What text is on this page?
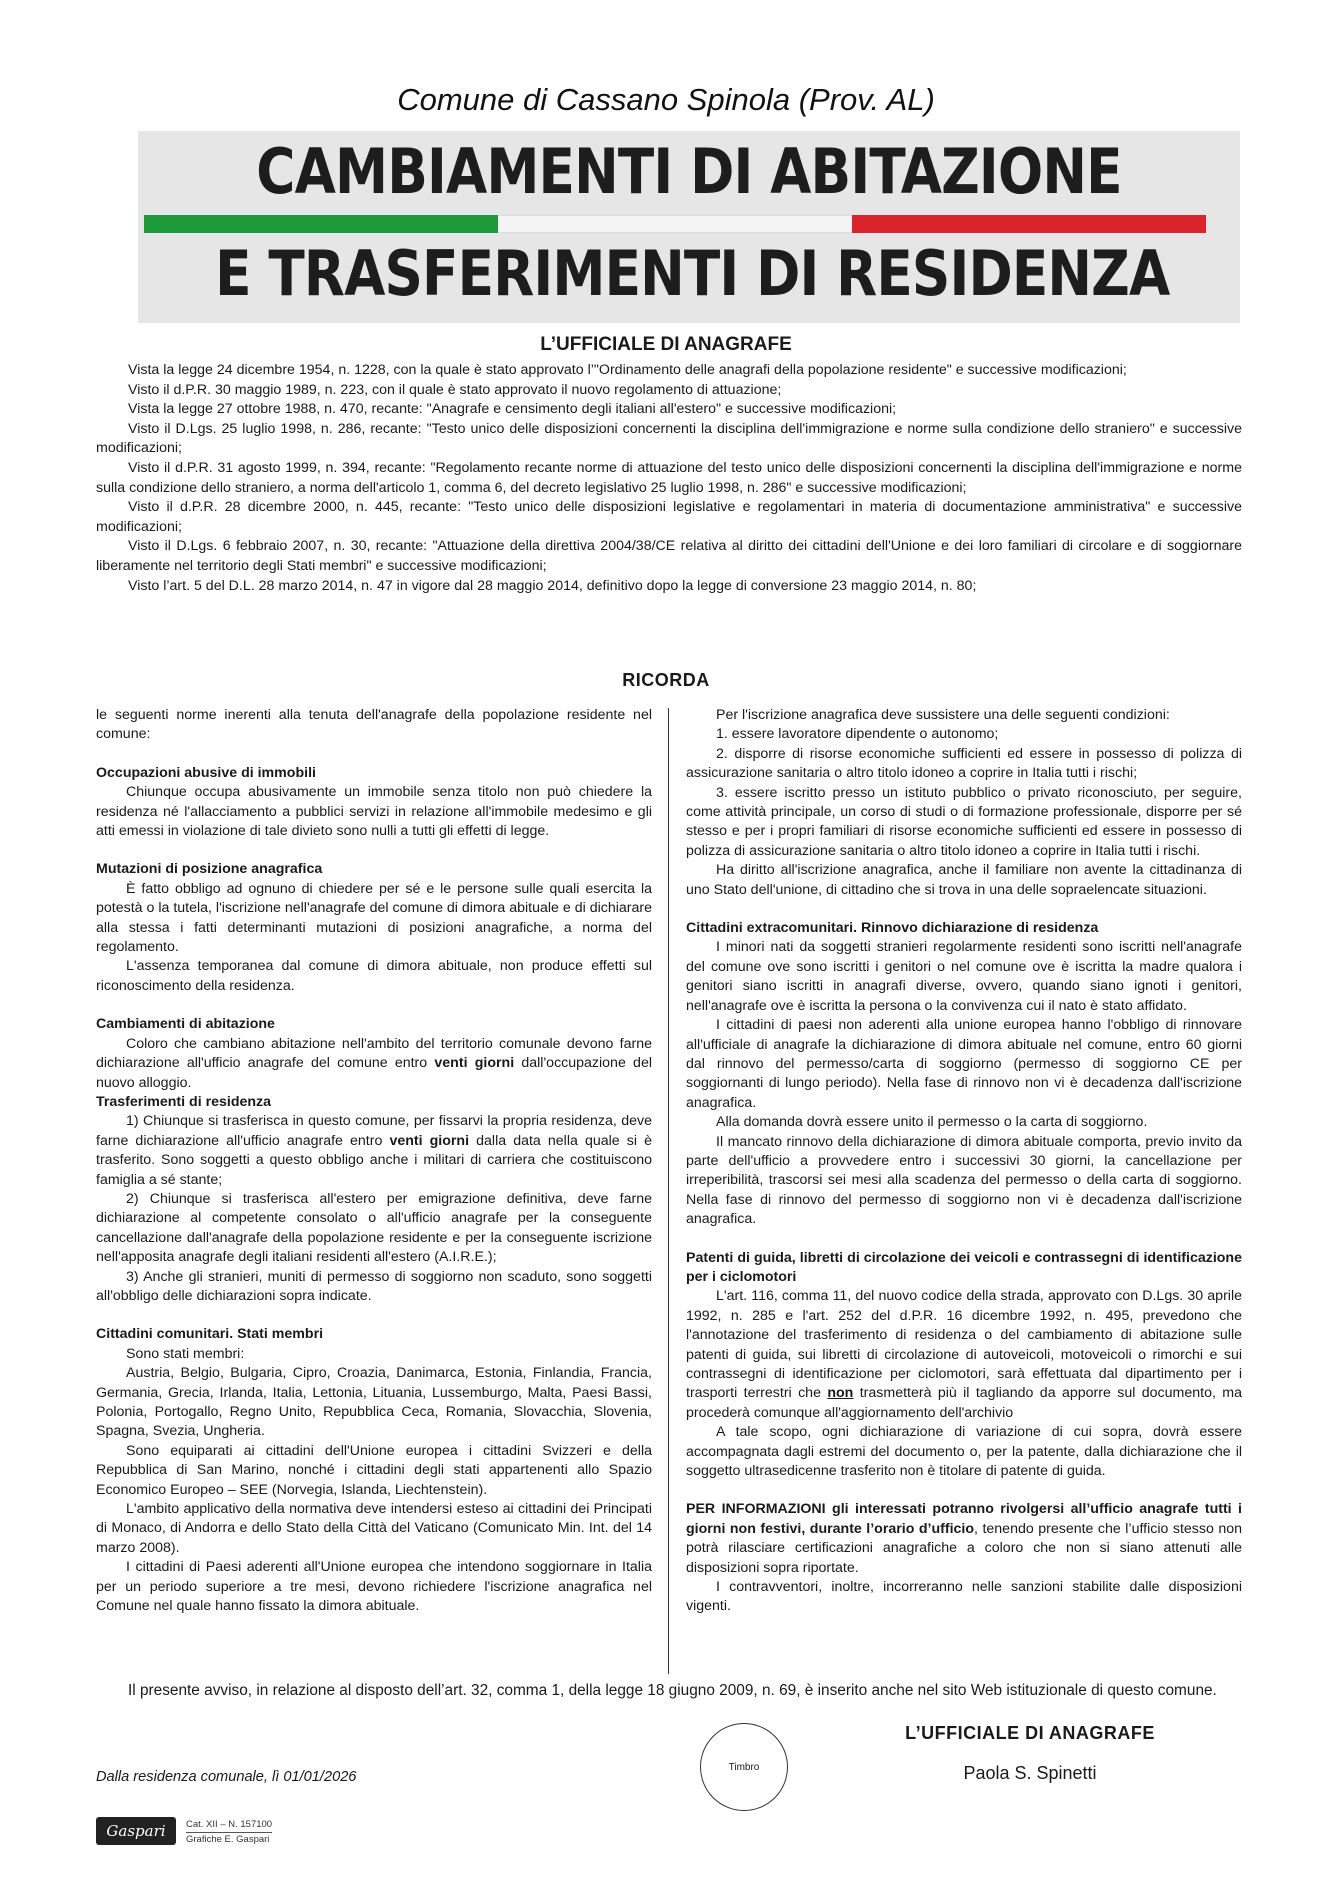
Comune di Cassano Spinola (Prov. AL)
CAMBIAMENTI DI ABITAZIONE
E TRASFERIMENTI DI RESIDENZA
L’UFFICIALE DI ANAGRAFE

Vista la legge 24 dicembre 1954, n. 1228, con la quale è stato approvato l’"Ordinamento delle anagrafi della popolazione residente" e successive modificazioni;

Visto il d.P.R. 30 maggio 1989, n. 223, con il quale è stato approvato il nuovo regolamento di attuazione;

Vista la legge 27 ottobre 1988, n. 470, recante: "Anagrafe e censimento degli italiani all'estero" e successive modificazioni;

Visto il D.Lgs. 25 luglio 1998, n. 286, recante: "Testo unico delle disposizioni concernenti la disciplina dell'immigrazione e norme sulla condizione dello straniero" e successive modificazioni;

Visto il d.P.R. 31 agosto 1999, n. 394, recante: "Regolamento recante norme di attuazione del testo unico delle disposizioni concernenti la disciplina dell'immigrazione e norme sulla condizione dello straniero, a norma dell'articolo 1, comma 6, del decreto legislativo 25 luglio 1998, n. 286" e successive modificazioni;

Visto il d.P.R. 28 dicembre 2000, n. 445, recante: "Testo unico delle disposizioni legislative e regolamentari in materia di documentazione amministrativa" e successive modificazioni;

Visto il D.Lgs. 6 febbraio 2007, n. 30, recante: "Attuazione della direttiva 2004/38/CE relativa al diritto dei cittadini dell'Unione e dei loro familiari di circolare e di soggiornare liberamente nel territorio degli Stati membri" e successive modificazioni;

Visto l’art. 5 del D.L. 28 marzo 2014, n. 47 in vigore dal 28 maggio 2014, definitivo dopo la legge di conversione 23 maggio 2014, n. 80;

RICORDA

le seguenti norme inerenti alla tenuta dell'anagrafe della popolazione residente nel comune:

Occupazioni abusive di immobili

Chiunque occupa abusivamente un immobile senza titolo non può chiedere la residenza né l'allacciamento a pubblici servizi in relazione all'immobile medesimo e gli atti emessi in violazione di tale divieto sono nulli a tutti gli effetti di legge.

Mutazioni di posizione anagrafica

È fatto obbligo ad ognuno di chiedere per sé e le persone sulle quali esercita la potestà o la tutela, l'iscrizione nell'anagrafe del comune di dimora abituale e di dichiarare alla stessa i fatti determinanti mutazioni di posizioni anagrafiche, a norma del regolamento.

L'assenza temporanea dal comune di dimora abituale, non produce effetti sul riconoscimento della residenza.

Cambiamenti di abitazione

Coloro che cambiano abitazione nell'ambito del territorio comunale devono farne dichiarazione all'ufficio anagrafe del comune entro venti giorni dall'occupazione del nuovo alloggio.

Trasferimenti di residenza

1) Chiunque si trasferisca in questo comune, per fissarvi la propria residenza, deve farne dichiarazione all'ufficio anagrafe entro venti giorni dalla data nella quale si è trasferito. Sono soggetti a questo obbligo anche i militari di carriera che costituiscono famiglia a sé stante;

2) Chiunque si trasferisca all'estero per emigrazione definitiva, deve farne dichiarazione al competente consolato o all'ufficio anagrafe per la conseguente cancellazione dall'anagrafe della popolazione residente e per la conseguente iscrizione nell'apposita anagrafe degli italiani residenti all'estero (A.I.R.E.);

3) Anche gli stranieri, muniti di permesso di soggiorno non scaduto, sono soggetti all'obbligo delle dichiarazioni sopra indicate.

Cittadini comunitari. Stati membri

Sono stati membri:

Austria, Belgio, Bulgaria, Cipro, Croazia, Danimarca, Estonia, Finlandia, Francia, Germania, Grecia, Irlanda, Italia, Lettonia, Lituania, Lussemburgo, Malta, Paesi Bassi, Polonia, Portogallo, Regno Unito, Repubblica Ceca, Romania, Slovacchia, Slovenia, Spagna, Svezia, Ungheria.

Sono equiparati ai cittadini dell'Unione europea i cittadini Svizzeri e della Repubblica di San Marino, nonché i cittadini degli stati appartenenti allo Spazio Economico Europeo – SEE (Norvegia, Islanda, Liechtenstein).

L'ambito applicativo della normativa deve intendersi esteso ai cittadini dei Principati di Monaco, di Andorra e dello Stato della Città del Vaticano (Comunicato Min. Int. del 14 marzo 2008).

I cittadini di Paesi aderenti all'Unione europea che intendono soggiornare in Italia per un periodo superiore a tre mesi, devono richiedere l'iscrizione anagrafica nel Comune nel quale hanno fissato la dimora abituale.

Per l'iscrizione anagrafica deve sussistere una delle seguenti condizioni:

1. essere lavoratore dipendente o autonomo;

2. disporre di risorse economiche sufficienti ed essere in possesso di polizza di assicurazione sanitaria o altro titolo idoneo a coprire in Italia tutti i rischi;

3. essere iscritto presso un istituto pubblico o privato riconosciuto, per seguire, come attività principale, un corso di studi o di formazione professionale, disporre per sé stesso e per i propri familiari di risorse economiche sufficienti ed essere in possesso di polizza di assicurazione sanitaria o altro titolo idoneo a coprire in Italia tutti i rischi.

Ha diritto all'iscrizione anagrafica, anche il familiare non avente la cittadinanza di uno Stato dell'unione, di cittadino che si trova in una delle sopraelencate situazioni.

Cittadini extracomunitari. Rinnovo dichiarazione di residenza

I minori nati da soggetti stranieri regolarmente residenti sono iscritti nell'anagrafe del comune ove sono iscritti i genitori o nel comune ove è iscritta la madre qualora i genitori siano iscritti in anagrafi diverse, ovvero, quando siano ignoti i genitori, nell'anagrafe ove è iscritta la persona o la convivenza cui il nato è stato affidato.

I cittadini di paesi non aderenti alla unione europea hanno l'obbligo di rinnovare all'ufficiale di anagrafe la dichiarazione di dimora abituale nel comune, entro 60 giorni dal rinnovo del permesso/carta di soggiorno (permesso di soggiorno CE per soggiornanti di lungo periodo). Nella fase di rinnovo non vi è decadenza dall'iscrizione anagrafica.

Alla domanda dovrà essere unito il permesso o la carta di soggiorno.

Il mancato rinnovo della dichiarazione di dimora abituale comporta, previo invito da parte dell'ufficio a provvedere entro i successivi 30 giorni, la cancellazione per irreperibilità, trascorsi sei mesi alla scadenza del permesso o della carta di soggiorno. Nella fase di rinnovo del permesso di soggiorno non vi è decadenza dall'iscrizione anagrafica.

Patenti di guida, libretti di circolazione dei veicoli e contrassegni di identificazione per i ciclomotori

L'art. 116, comma 11, del nuovo codice della strada, approvato con D.Lgs. 30 aprile 1992, n. 285 e l'art. 252 del d.P.R. 16 dicembre 1992, n. 495, prevedono che l'annotazione del trasferimento di residenza o del cambiamento di abitazione sulle patenti di guida, sui libretti di circolazione di autoveicoli, motoveicoli o rimorchi e sui contrassegni di identificazione per ciclomotori, sarà effettuata dal dipartimento per i trasporti terrestri che non trasmetterà più il tagliando da apporre sul documento, ma procederà comunque all'aggiornamento dell'archivio

A tale scopo, ogni dichiarazione di variazione di cui sopra, dovrà essere accompagnata dagli estremi del documento o, per la patente, dalla dichiarazione che il soggetto ultrasedicenne trasferito non è titolare di patente di guida.

PER INFORMAZIONI gli interessati potranno rivolgersi all’ufficio anagrafe tutti i giorni non festivi, durante l’orario d’ufficio, tenendo presente che l’ufficio stesso non potrà rilasciare certificazioni anagrafiche a coloro che non si siano attenuti alle disposizioni sopra riportate.

I contravventori, inoltre, incorreranno nelle sanzioni stabilite dalle disposizioni vigenti.

Il presente avviso, in relazione al disposto dell’art. 32, comma 1, della legge 18 giugno 2009, n. 69, è inserito anche nel sito Web istituzionale di questo comune.
Timbro
L’UFFICIALE DI ANAGRAFE
Paola S. Spinetti
Dalla residenza comunale, lì 01/01/2026
Gaspari	Cat. XII – N. 157100
Grafiche E. Gaspari
